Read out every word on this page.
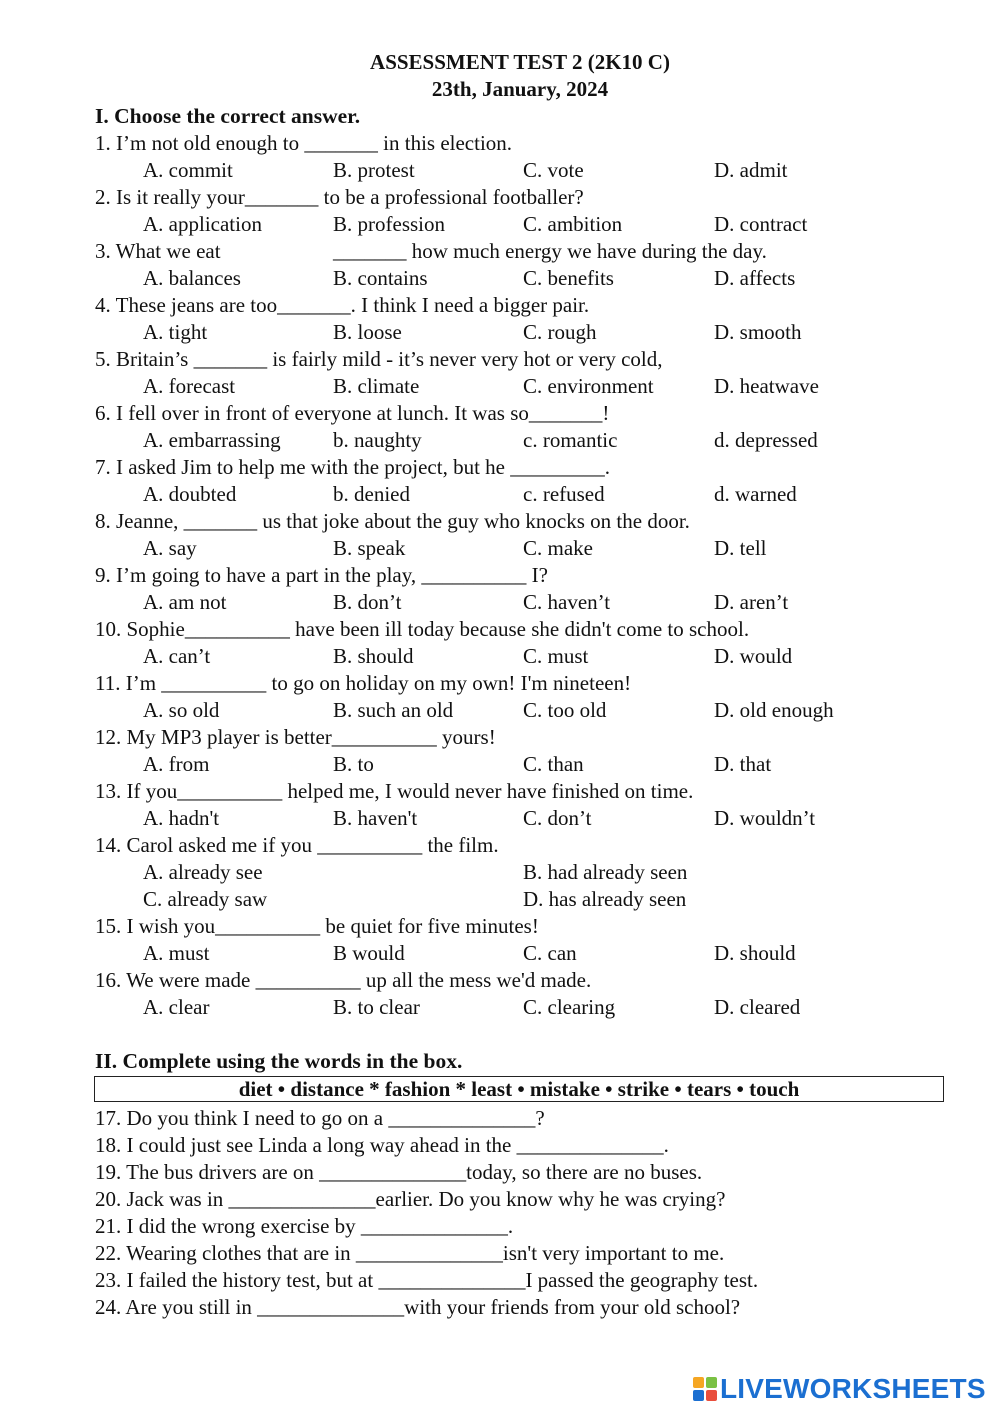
ASSESSMENT TEST 2 (2K10 C)
23th, January, 2024
I. Choose the correct answer.
1. I’m not old enough to _______ in this election.
A. commit	B. protest	C. vote	D. admit
2. Is it really your_______ to be a professional footballer?
A. application	B. profession	C. ambition	D. contract
3. What we eat	_______ how much energy we have during the day.
A. balances	B. contains	C. benefits	D. affects
4. These jeans are too_______. I think I need a bigger pair.
A. tight	B. loose	C. rough	D. smooth
5. Britain’s _______ is fairly mild - it’s never very hot or very cold,
A. forecast	B. climate	C. environment	D. heatwave
6. I fell over in front of everyone at lunch. It was so_______!
A. embarrassing b. naughty	c. romantic	d. depressed
7. I asked Jim to help me with the project, but he _________.
A. doubted	b. denied	c. refused	d. warned
8. Jeanne, _______ us that joke about the guy who knocks on the door.
A. say	B. speak	C. make	D. tell
9. I’m going to have a part in the play, __________ I?
A. am not	B. don’t	C. haven’t	D. aren’t
10. Sophie__________ have been ill today because she didn't come to school.
A. can’t	B. should	C. must	D. would
11. I’m __________ to go on holiday on my own! I'm nineteen!
A. so old	B. such an old	C. too old	D. old enough
12. My MP3 player is better__________ yours!
A. from	B. to	C. than	D. that
13. If you__________ helped me, I would never have finished on time.
A. hadn't	B. haven't	C. don’t	D. wouldn’t
14. Carol asked me if you __________ the film.
A. already see	B. had already seen
C. already saw	D. has already seen
15. I wish you__________ be quiet for five minutes!
A. must	B would	C. can	D. should
16. We were made __________ up all the mess we'd made.
A. clear	B. to clear	C. clearing	D. cleared
II. Complete using the words in the box.
diet • distance * fashion * least • mistake • strike • tears • touch
17. Do you think I need to go on a ______________?
18. I could just see Linda a long way ahead in the ______________.
19. The bus drivers are on ______________today, so there are no buses.
20. Jack was in ______________earlier. Do you know why he was crying?
21. I did the wrong exercise by ______________.
22. Wearing clothes that are in ______________isn't very important to me.
23. I failed the history test, but at ______________I passed the geography test.
24. Are you still in ______________with your friends from your old school?
LIVEWORKSHEETS
